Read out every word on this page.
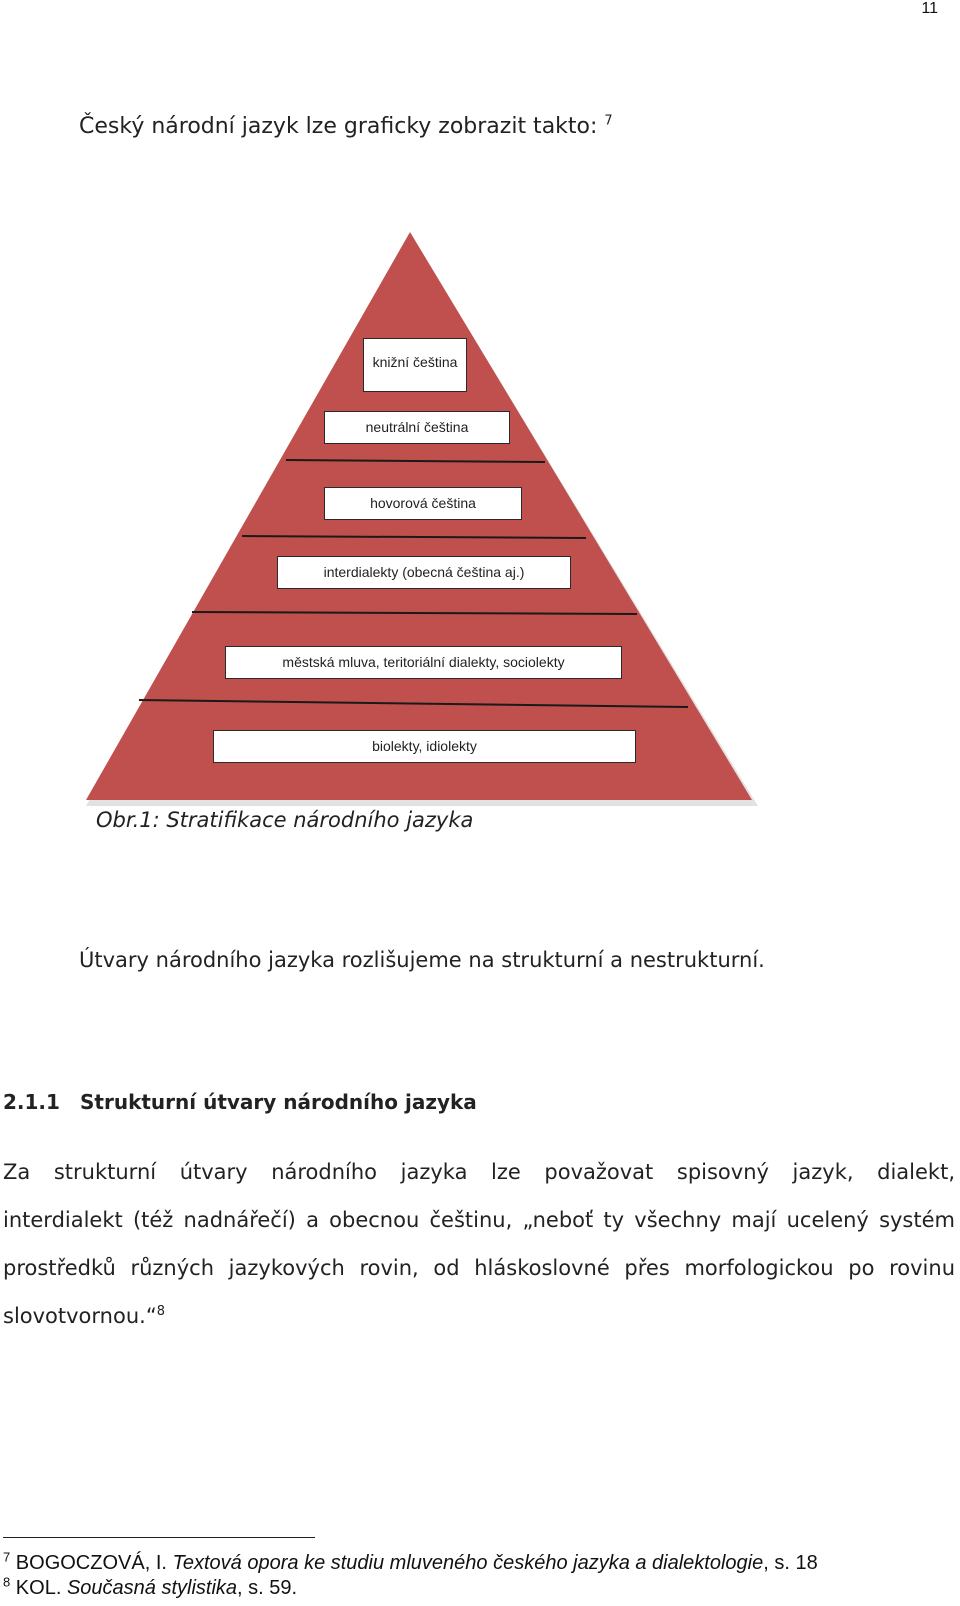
11
Český národní jazyk lze graficky zobrazit takto: $^7$
knižní čeština
neutrální čeština
hovorová čeština
interdialekty (obecná čeština aj.)
městská mluva, teritoriální dialekty, sociolekty
biolekty, idiolekty
Obr.1: Stratifikace národního jazyka
Útvary národního jazyka rozlišujeme na strukturní a nestrukturní.
2.1.1 Strukturní útvary národního jazyka
Za strukturní útvary národního jazyka lze považovat spisovný jazyk, dialekt,
interdialekt (též nadnářečí) a obecnou češtinu, „neboť ty všechny mají ucelený systém
prostředků různých jazykových rovin, od hláskoslovné přes morfologickou po rovinu
slovotvornou.“$^8$
$^7$ BOGOCZOVÁ, I. Textová opora ke studiu mluveného českého jazyka a dialektologie, s. 18
$^8$ KOL. Současná stylistika, s. 59.
